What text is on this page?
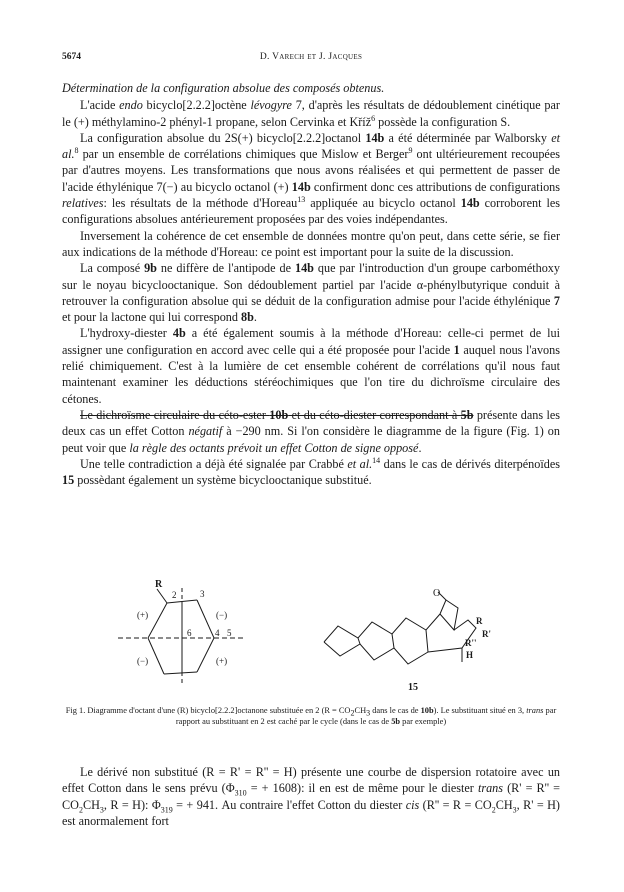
5674	D. Varech et J. Jacques

Détermination de la configuration absolue des composés obtenus.

L'acide endo bicyclo[2.2.2]octène lévogyre 7, d'après les résultats de dédoublement cinétique par le (+) méthylamino-2 phényl-1 propane, selon Cervinka et Kříž$^6$ possède la configuration S.

La configuration absolue du 2S(+) bicyclo[2.2.2]octanol 14b a été déterminée par Walborsky et al.$^8$ par un ensemble de corrélations chimiques que Mislow et Berger$^9$ ont ultérieurement recoupées par d'autres moyens. Les transformations que nous avons réalisées et qui permettent de passer de l'acide éthylénique 7(−) au bicyclo octanol (+) 14b confirment donc ces attributions de configurations relatives: les résultats de la méthode d'Horeau$^{13}$ appliquée au bicyclo octanol 14b corroborent les configurations absolues antérieurement proposées par des voies indépendantes.

Inversement la cohérence de cet ensemble de données montre qu'on peut, dans cette série, se fier aux indications de la méthode d'Horeau: ce point est important pour la suite de la discussion.

La composé 9b ne diffère de l'antipode de 14b que par l'introduction d'un groupe carbométhoxy sur le noyau bicyclooctanique. Son dédoublement partiel par l'acide α-phénylbutyrique conduit à retrouver la configuration absolue qui se déduit de la configuration admise pour l'acide éthylénique 7 et pour la lactone qui lui correspond 8b.

L'hydroxy-diester 4b a été également soumis à la méthode d'Horeau: celle-ci permet de lui assigner une configuration en accord avec celle qui a été proposée pour l'acide 1 auquel nous l'avons relié chimiquement. C'est à la lumière de cet ensemble cohérent de corrélations qu'il nous faut maintenant examiner les déductions stéréochimiques que l'on tire du dichroïsme circulaire des cétones.

Le dichroïsme circulaire du céto-ester 10b et du céto-diester correspondant à 5b présente dans les deux cas un effet Cotton négatif à −290 nm. Si l'on considère le diagramme de la figure (Fig. 1) on peut voir que la règle des octants prévoit un effet Cotton de signe opposé.

Une telle contradiction a déjà été signalée par Crabbé et al.$^{14}$ dans le cas de dérivés diterpénoïdes 15 possèdant également un système bicyclooctanique substitué.

R
2	3
(+)	(−)
(−)	(+)
6	4 5
O
R
R'
R''
H
15
Fig 1. Diagramme d'octant d'une (R) bicyclo[2.2.2]octanone substituée en 2 ($R = CO_2CH_3$ dans le cas de 10b). Le substituant situé en 3, trans par rapport au substituant en 2 est caché par le cycle (dans le cas de 5b par exemple)

Le dérivé non substitué (R = R' = R'' = H) présente une courbe de dispersion rotatoire avec un effet Cotton dans le sens prévu ($\Phi_{310}$ = + 1608): il en est de même pour le diester trans ($R' = R'' = CO_2CH_3$, R = H): $\Phi_{319}$ = + 941. Au contraire l'effet Cotton du diester cis ($R'' = R = CO_2CH_3$, R' = H) est anormalement fort
